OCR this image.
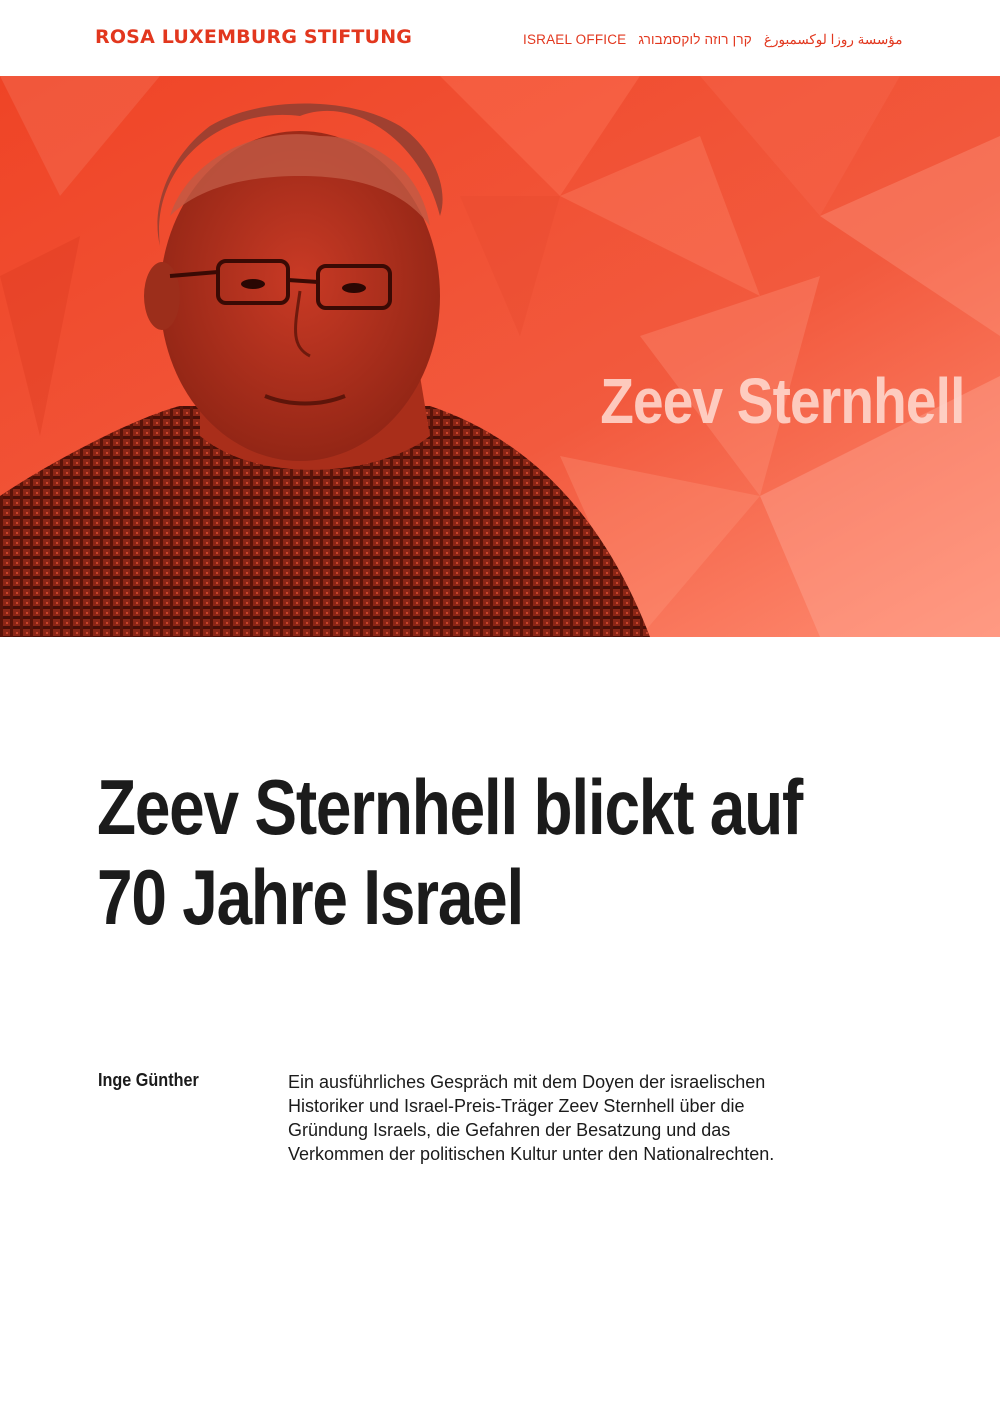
ROSA LUXEMBURG STIFTUNG	ISRAEL OFFICE קרן רוזה לוקסמבורג مؤسسة روزا لوكسمبورغ
Zeev Sternhell
Zeev Sternhell blickt auf
70 Jahre Israel
Inge Günther	Ein ausführliches Gespräch mit dem Doyen der israelischen Historiker und Israel-Preis-Träger Zeev Sternhell über die Gründung Israels, die Gefahren der Besatzung und das Verkommen der politischen Kultur unter den Nationalrechten.
